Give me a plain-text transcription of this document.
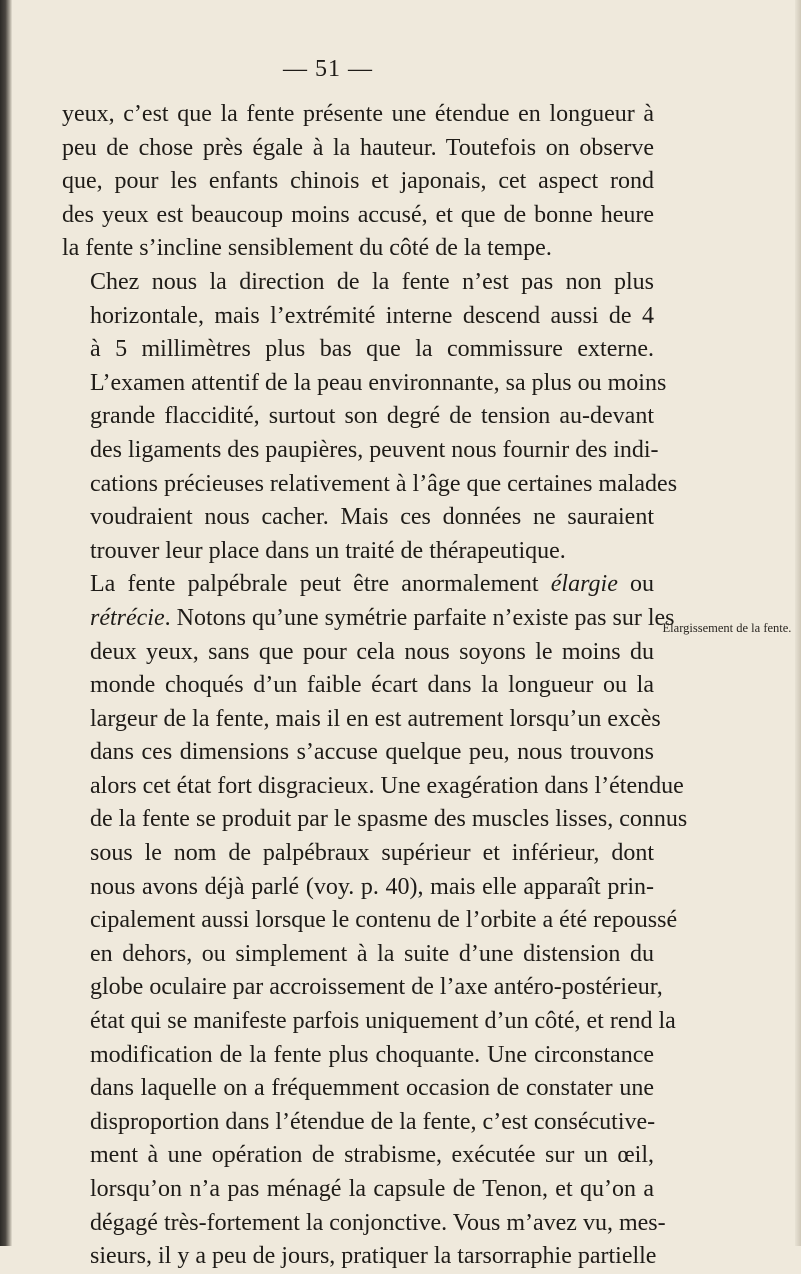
— 51 —

yeux, c’est que la fente présente une étendue en longueur à
peu de chose près égale à la hauteur. Toutefois on observe
que, pour les enfants chinois et japonais, cet aspect rond
des yeux est beaucoup moins accusé, et que de bonne heure
la fente s’incline sensiblement du côté de la tempe.

Chez nous la direction de la fente n’est pas non plus
horizontale, mais l’extrémité interne descend aussi de 4
à 5 millimètres plus bas que la commissure externe.
L’examen attentif de la peau environnante, sa plus ou moins
grande flaccidité, surtout son degré de tension au-devant
des ligaments des paupières, peuvent nous fournir des indi-
cations précieuses relativement à l’âge que certaines malades
voudraient nous cacher. Mais ces données ne sauraient
trouver leur place dans un traité de thérapeutique.

La fente palpébrale peut être anormalement élargie ou
rétrécie. Notons qu’une symétrie parfaite n’existe pas sur les
deux yeux, sans que pour cela nous soyons le moins du
monde choqués d’un faible écart dans la longueur ou la
largeur de la fente, mais il en est autrement lorsqu’un excès
dans ces dimensions s’accuse quelque peu, nous trouvons
alors cet état fort disgracieux. Une exagération dans l’étendue
de la fente se produit par le spasme des muscles lisses, connus
sous le nom de palpébraux supérieur et inférieur, dont
nous avons déjà parlé (voy. p. 40), mais elle apparaît prin-
cipalement aussi lorsque le contenu de l’orbite a été repoussé
en dehors, ou simplement à la suite d’une distension du
globe oculaire par accroissement de l’axe antéro-postérieur,
état qui se manifeste parfois uniquement d’un côté, et rend la
modification de la fente plus choquante. Une circonstance
dans laquelle on a fréquemment occasion de constater une
disproportion dans l’étendue de la fente, c’est consécutive-
ment à une opération de strabisme, exécutée sur un œil,
lorsqu’on n’a pas ménagé la capsule de Tenon, et qu’on a
dégagé très-fortement la conjonctive. Vous m’avez vu, mes-
sieurs, il y a peu de jours, pratiquer la tarsorraphie partielle

Élargissement de la fente.
